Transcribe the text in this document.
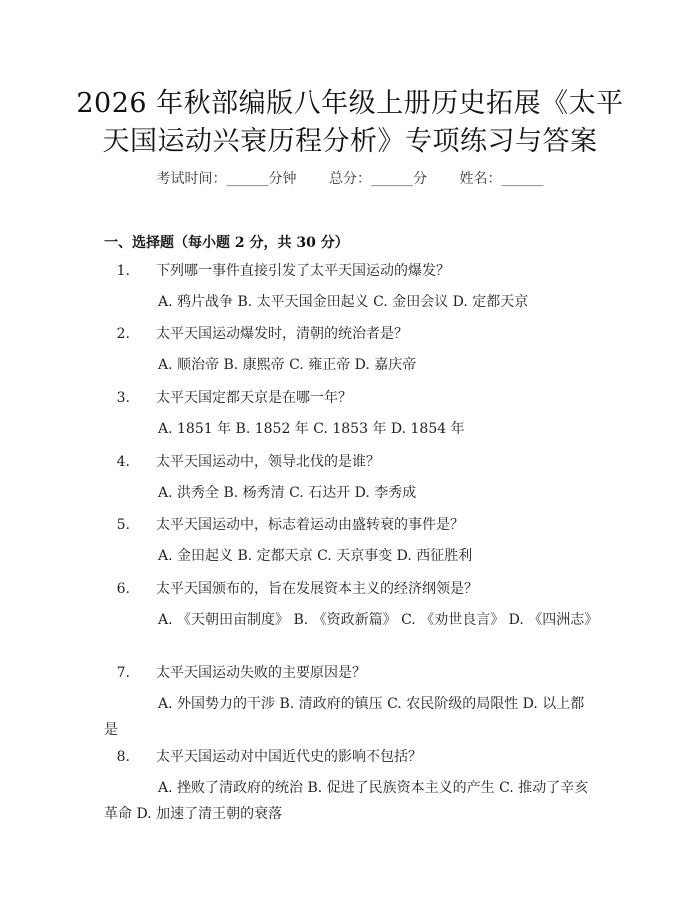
2026 年秋部编版八年级上册历史拓展《太平
天国运动兴衰历程分析》专项练习与答案
考试时间：______分钟 总分：______分 姓名：______
一、选择题（每小题 2 分，共 30 分）
1. 下列哪一事件直接引发了太平天国运动的爆发？
A. 鸦片战争 B. 太平天国金田起义 C. 金田会议 D. 定都天京
2. 太平天国运动爆发时，清朝的统治者是？
A. 顺治帝 B. 康熙帝 C. 雍正帝 D. 嘉庆帝
3. 太平天国定都天京是在哪一年？
A. 1851 年 B. 1852 年 C. 1853 年 D. 1854 年
4. 太平天国运动中，领导北伐的是谁？
A. 洪秀全 B. 杨秀清 C. 石达开 D. 李秀成
5. 太平天国运动中，标志着运动由盛转衰的事件是？
A. 金田起义 B. 定都天京 C. 天京事变 D. 西征胜利
6. 太平天国颁布的，旨在发展资本主义的经济纲领是？
A. 《天朝田亩制度》 B. 《资政新篇》 C. 《劝世良言》 D. 《四洲志》
7. 太平天国运动失败的主要原因是？
A. 外国势力的干涉 B. 清政府的镇压 C. 农民阶级的局限性 D. 以上都是
8. 太平天国运动对中国近代史的影响不包括？
A. 挫败了清政府的统治 B. 促进了民族资本主义的产生 C. 推动了辛亥革命 D. 加速了清王朝的衰落
